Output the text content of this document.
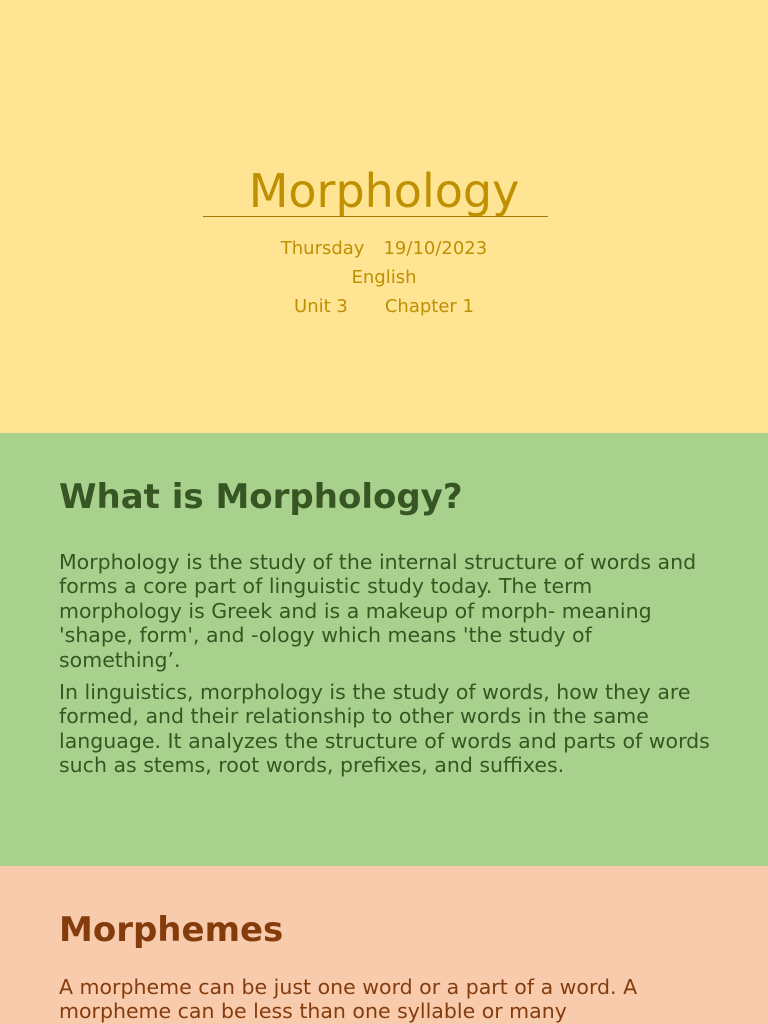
Morphology
Thursday 19/10/2023
English
Unit 3 Chapter 1
What is Morphology?

Morphology is the study of the internal structure of words and forms a core part of linguistic study today. The term morphology is Greek and is a makeup of morph- meaning 'shape, form', and -ology which means 'the study of something’.

In linguistics, morphology is the study of words, how they are formed, and their relationship to other words in the same language. It analyzes the structure of words and parts of words such as stems, root words, prefixes, and suffixes.

Morphemes

A morpheme can be just one word or a part of a word. A morpheme can be less than one syllable or many
